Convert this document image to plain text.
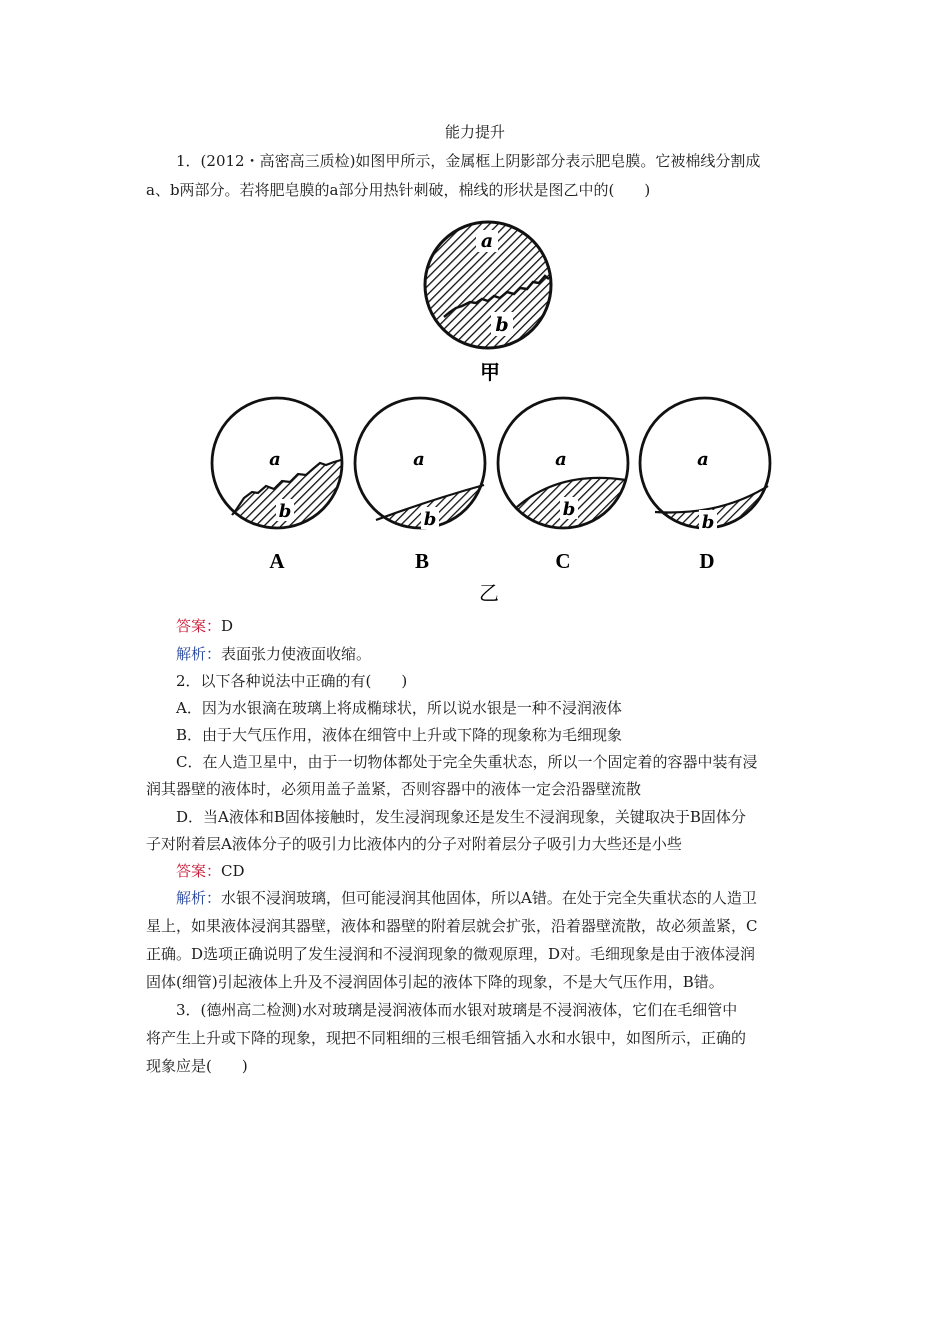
能力提升
1．(2012・高密高三质检)如图甲所示，金属框上阴影部分表示肥皂膜。它被棉线分割成
a、b两部分。若将肥皂膜的a部分用热针刺破，棉线的形状是图乙中的(　　)
a
b
甲
a
b
A
a
b
B
a
b
C
a
b
D
乙
答案：D
解析：表面张力使液面收缩。
2．以下各种说法中正确的有(　　)
A．因为水银滴在玻璃上将成椭球状，所以说水银是一种不浸润液体
B．由于大气压作用，液体在细管中上升或下降的现象称为毛细现象
C．在人造卫星中，由于一切物体都处于完全失重状态，所以一个固定着的容器中装有浸
润其器壁的液体时，必须用盖子盖紧，否则容器中的液体一定会沿器壁流散
D．当A液体和B固体接触时，发生浸润现象还是发生不浸润现象，关键取决于B固体分
子对附着层A液体分子的吸引力比液体内的分子对附着层分子吸引力大些还是小些
答案：CD
解析：水银不浸润玻璃，但可能浸润其他固体，所以A错。在处于完全失重状态的人造卫
星上，如果液体浸润其器壁，液体和器壁的附着层就会扩张，沿着器壁流散，故必须盖紧，C
正确。D选项正确说明了发生浸润和不浸润现象的微观原理，D对。毛细现象是由于液体浸润
固体(细管)引起液体上升及不浸润固体引起的液体下降的现象，不是大气压作用，B错。
3．(德州高二检测)水对玻璃是浸润液体而水银对玻璃是不浸润液体，它们在毛细管中
将产生上升或下降的现象，现把不同粗细的三根毛细管插入水和水银中，如图所示，正确的
现象应是(　　)
